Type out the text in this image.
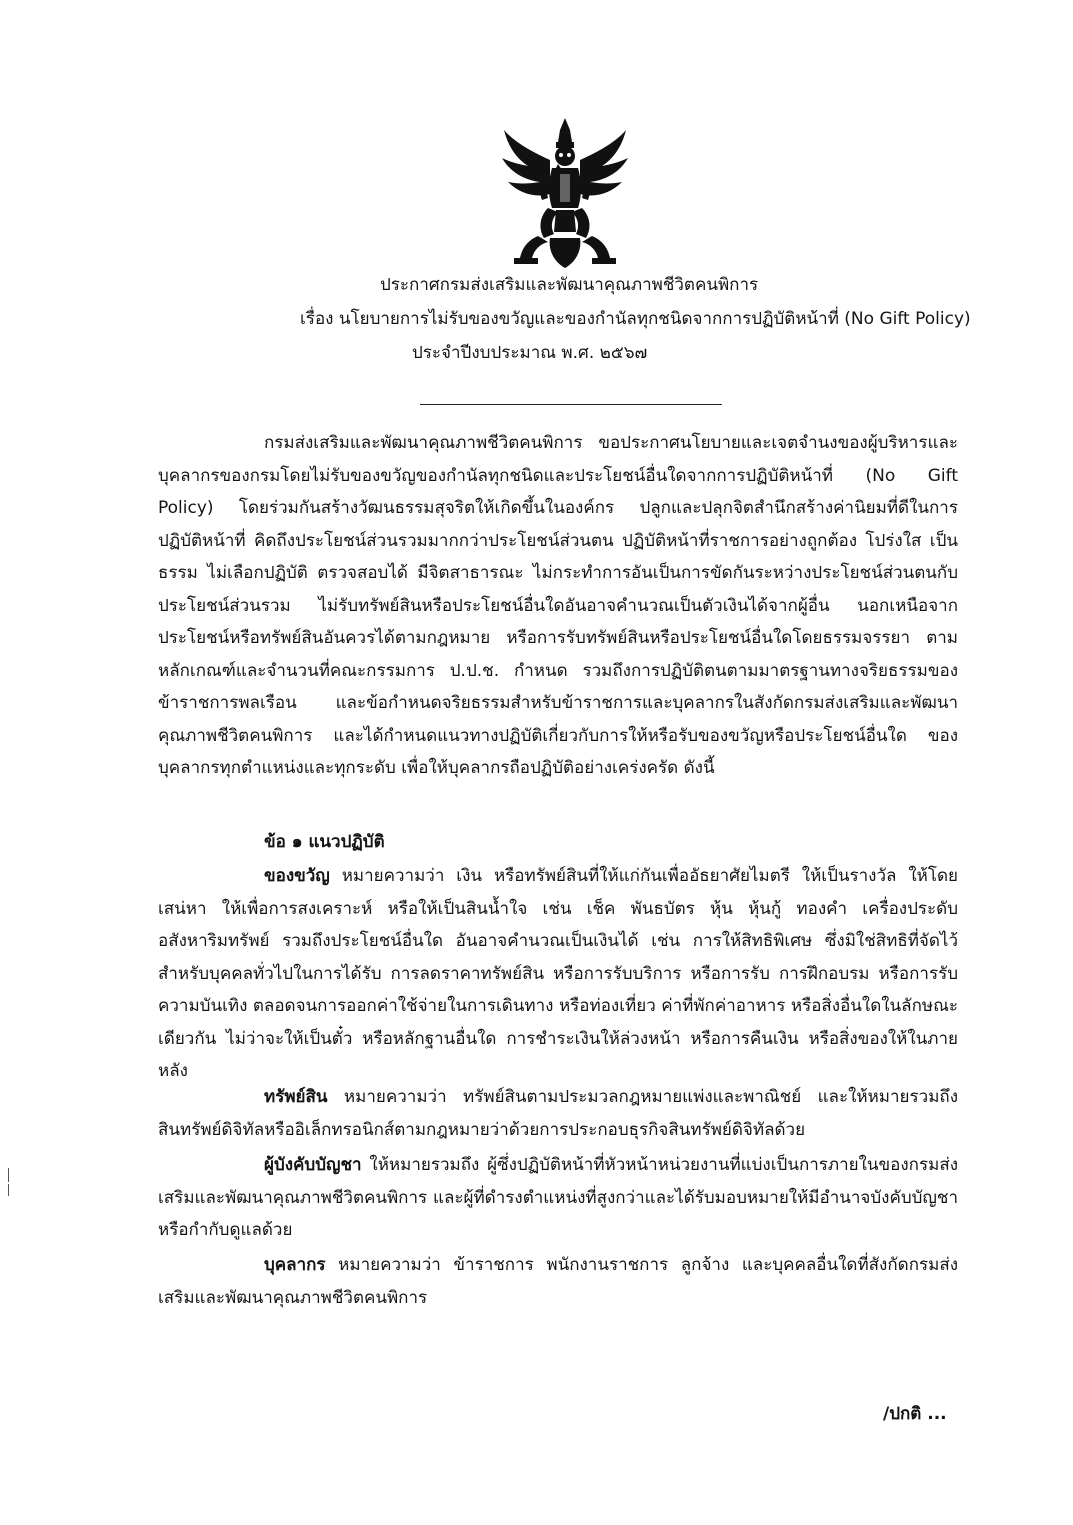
ประกาศกรมส่งเสริมและพัฒนาคุณภาพชีวิตคนพิการ
เรื่อง นโยบายการไม่รับของขวัญและของกำนัลทุกชนิดจากการปฏิบัติหน้าที่ (No Gift Policy)
ประจำปีงบประมาณ พ.ศ. ๒๕๖๗
กรมส่งเสริมและพัฒนาคุณภาพชีวิตคนพิการ ขอประกาศนโยบายและเจตจำนงของผู้บริหารและบุคลากรของกรมโดยไม่รับของขวัญของกำนัลทุกชนิดและประโยชน์อื่นใดจากการปฏิบัติหน้าที่ (No Gift Policy) โดยร่วมกันสร้างวัฒนธรรมสุจริตให้เกิดขึ้นในองค์กร ปลูกและปลุกจิตสำนึกสร้างค่านิยมที่ดีในการปฏิบัติหน้าที่ คิดถึงประโยชน์ส่วนรวมมากกว่าประโยชน์ส่วนตน ปฏิบัติหน้าที่ราชการอย่างถูกต้อง โปร่งใส เป็นธรรม ไม่เลือกปฏิบัติ ตรวจสอบได้ มีจิตสาธารณะ ไม่กระทำการอันเป็นการขัดกันระหว่างประโยชน์ส่วนตนกับประโยชน์ส่วนรวม ไม่รับทรัพย์สินหรือประโยชน์อื่นใดอันอาจคำนวณเป็นตัวเงินได้จากผู้อื่น นอกเหนือจากประโยชน์หรือทรัพย์สินอันควรได้ตามกฎหมาย หรือการรับทรัพย์สินหรือประโยชน์อื่นใดโดยธรรมจรรยา ตามหลักเกณฑ์และจำนวนที่คณะกรรมการ ป.ป.ช. กำหนด รวมถึงการปฏิบัติตนตามมาตรฐานทางจริยธรรมของข้าราชการพลเรือน และข้อกำหนดจริยธรรมสำหรับข้าราชการและบุคลากรในสังกัดกรมส่งเสริมและพัฒนาคุณภาพชีวิตคนพิการ และได้กำหนดแนวทางปฏิบัติเกี่ยวกับการให้หรือรับของขวัญหรือประโยชน์อื่นใด ของบุคลากรทุกตำแหน่งและทุกระดับ เพื่อให้บุคลากรถือปฏิบัติอย่างเคร่งครัด ดังนี้
ข้อ ๑ แนวปฏิบัติ
ของขวัญ หมายความว่า เงิน หรือทรัพย์สินที่ให้แก่กันเพื่ออัธยาศัยไมตรี ให้เป็นรางวัล ให้โดยเสน่หา ให้เพื่อการสงเคราะห์ หรือให้เป็นสินน้ำใจ เช่น เช็ค พันธบัตร หุ้น หุ้นกู้ ทองคำ เครื่องประดับ อสังหาริมทรัพย์ รวมถึงประโยชน์อื่นใด อันอาจคำนวณเป็นเงินได้ เช่น การให้สิทธิพิเศษ ซึ่งมิใช่สิทธิที่จัดไว้สำหรับบุคคลทั่วไปในการได้รับ การลดราคาทรัพย์สิน หรือการรับบริการ หรือการรับ การฝึกอบรม หรือการรับความบันเทิง ตลอดจนการออกค่าใช้จ่ายในการเดินทาง หรือท่องเที่ยว ค่าที่พักค่าอาหาร หรือสิ่งอื่นใดในลักษณะเดียวกัน ไม่ว่าจะให้เป็นตั๋ว หรือหลักฐานอื่นใด การชำระเงินให้ล่วงหน้า หรือการคืนเงิน หรือสิ่งของให้ในภายหลัง
ทรัพย์สิน หมายความว่า ทรัพย์สินตามประมวลกฎหมายแพ่งและพาณิชย์ และให้หมายรวมถึงสินทรัพย์ดิจิทัลหรืออิเล็กทรอนิกส์ตามกฎหมายว่าด้วยการประกอบธุรกิจสินทรัพย์ดิจิทัลด้วย
ผู้บังคับบัญชา ให้หมายรวมถึง ผู้ซึ่งปฏิบัติหน้าที่หัวหน้าหน่วยงานที่แบ่งเป็นการภายในของกรมส่งเสริมและพัฒนาคุณภาพชีวิตคนพิการ และผู้ที่ดำรงตำแหน่งที่สูงกว่าและได้รับมอบหมายให้มีอำนาจบังคับบัญชาหรือกำกับดูแลด้วย
บุคลากร หมายความว่า ข้าราชการ พนักงานราชการ ลูกจ้าง และบุคคลอื่นใดที่สังกัดกรมส่งเสริมและพัฒนาคุณภาพชีวิตคนพิการ
/ปกติ ...
